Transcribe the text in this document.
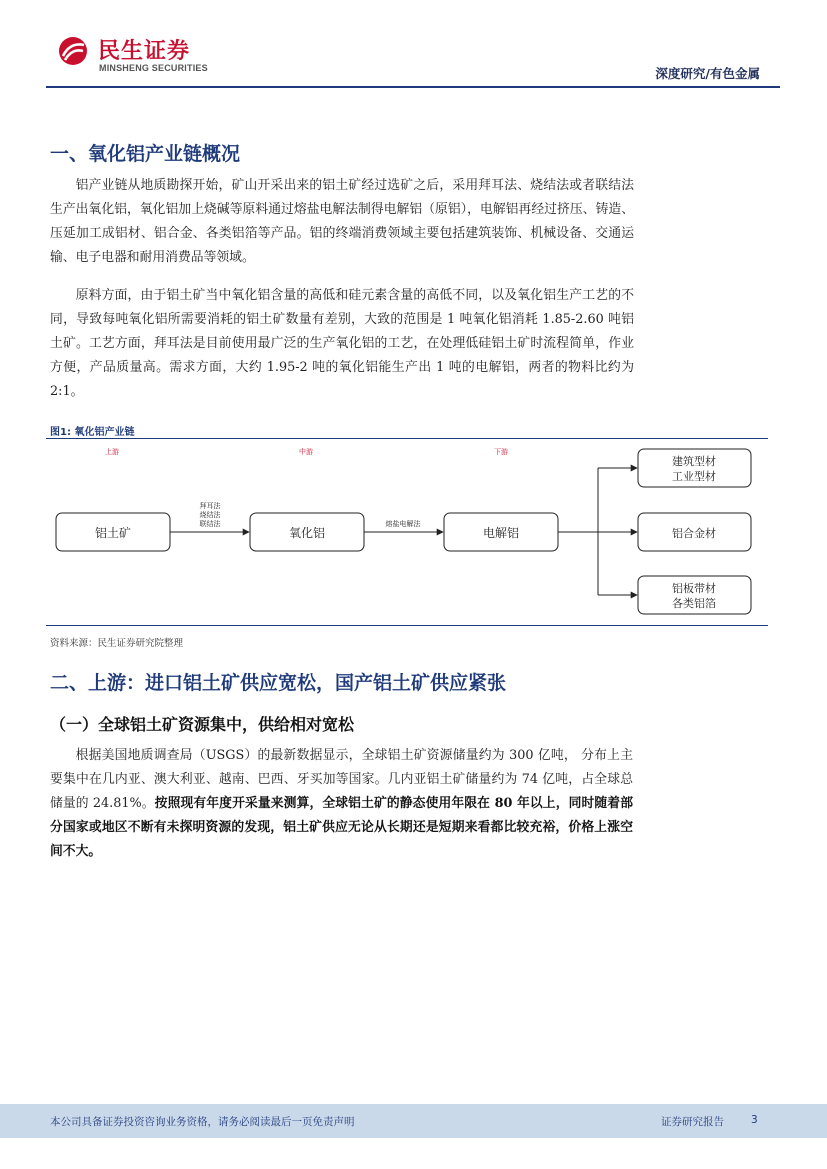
民生证券
MINSHENG SECURITIES	深度研究/有色金属
一、氧化铝产业链概况

铝产业链从地质勘探开始，矿山开采出来的铝土矿经过选矿之后，采用拜耳法、烧结法或者联结法生产出氧化铝，氧化铝加上烧碱等原料通过熔盐电解法制得电解铝（原铝），电解铝再经过挤压、铸造、压延加工成铝材、铝合金、各类铝箔等产品。铝的终端消费领域主要包括建筑装饰、机械设备、交通运输、电子电器和耐用消费品等领域。

原料方面，由于铝土矿当中氧化铝含量的高低和硅元素含量的高低不同，以及氧化铝生产工艺的不同，导致每吨氧化铝所需要消耗的铝土矿数量有差别，大致的范围是 1 吨氧化铝消耗 1.85-2.60 吨铝土矿。工艺方面，拜耳法是目前使用最广泛的生产氧化铝的工艺，在处理低硅铝土矿时流程简单，作业方便，产品质量高。需求方面，大约 1.95-2 吨的氧化铝能生产出 1 吨的电解铝，两者的物料比约为 2:1。

图1: 氧化铝产业链
上游	中游	下游
铝土矿	氧化铝	电解铝
拜耳法
烧结法
联结法	熔盐电解法
建筑型材
工业型材
铝合金材
铝板带材
各类铝箔
资料来源：民生证券研究院整理
二、上游：进口铝土矿供应宽松，国产铝土矿供应紧张
（一）全球铝土矿资源集中，供给相对宽松

根据美国地质调查局（USGS）的最新数据显示，全球铝土矿资源储量约为 300 亿吨， 分布上主要集中在几内亚、澳大利亚、越南、巴西、牙买加等国家。几内亚铝土矿储量约为 74 亿吨，占全球总储量的 24.81%。按照现有年度开采量来测算，全球铝土矿的静态使用年限在 80 年以上，同时随着部分国家或地区不断有未探明资源的发现，铝土矿供应无论从长期还是短期来看都比较充裕，价格上涨空间不大。

本公司具备证券投资咨询业务资格，请务必阅读最后一页免责声明	证券研究报告	3
